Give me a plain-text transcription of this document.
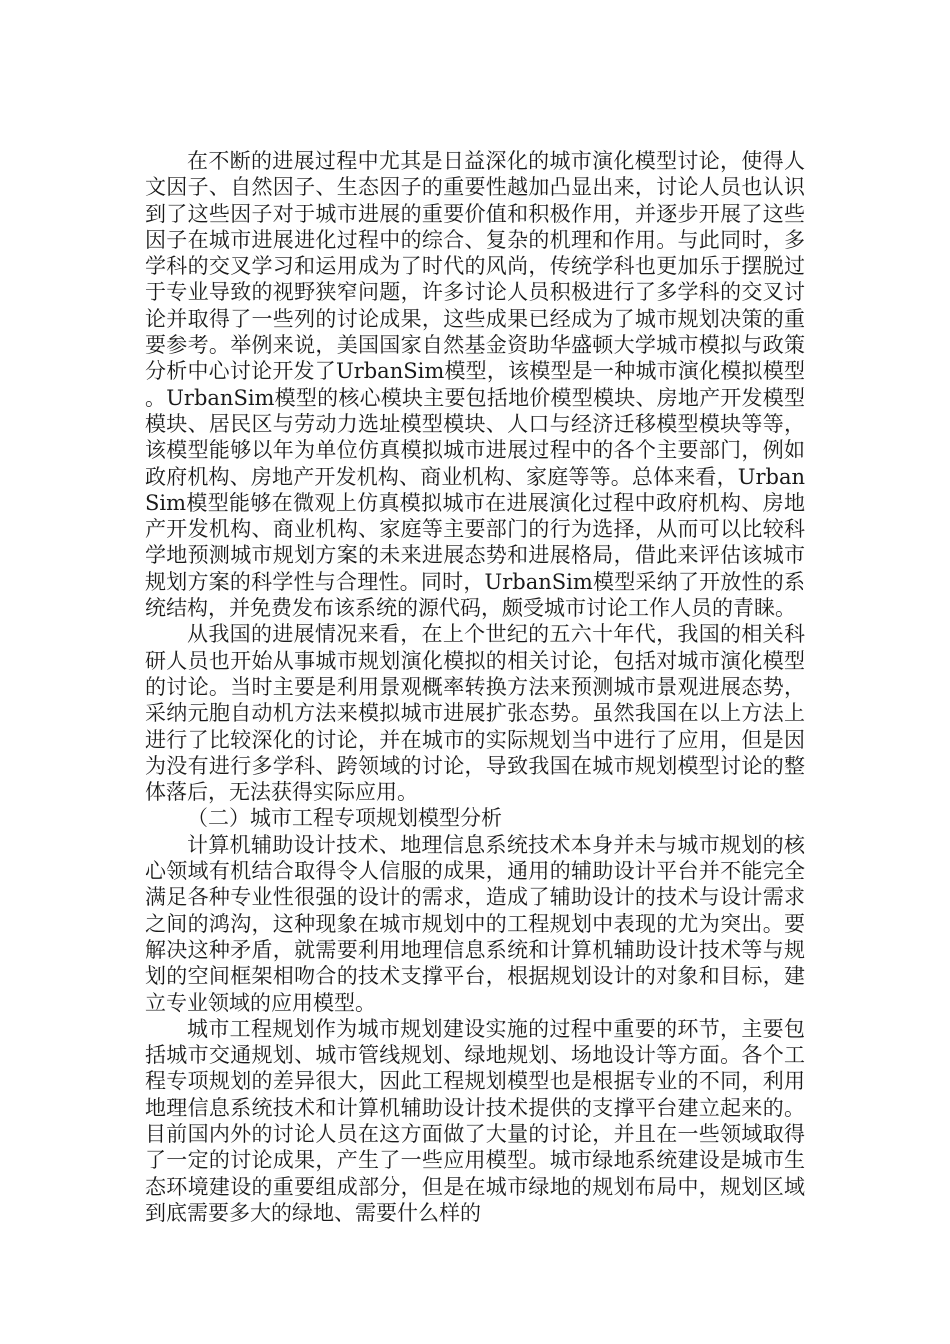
在不断的进展过程中尤其是日益深化的城市演化模型讨论，使得人文因子、自然因子、生态因子的重要性越加凸显出来，讨论人员也认识到了这些因子对于城市进展的重要价值和积极作用，并逐步开展了这些因子在城市进展进化过程中的综合、复杂的机理和作用。与此同时，多学科的交叉学习和运用成为了时代的风尚，传统学科也更加乐于摆脱过于专业导致的视野狭窄问题，许多讨论人员积极进行了多学科的交叉讨论并取得了一些列的讨论成果，这些成果已经成为了城市规划决策的重要参考。举例来说，美国国家自然基金资助华盛顿大学城市模拟与政策分析中心讨论开发了UrbanSim模型，该模型是一种城市演化模拟模型。UrbanSim模型的核心模块主要包括地价模型模块、房地产开发模型模块、居民区与劳动力选址模型模块、人口与经济迁移模型模块等等，该模型能够以年为单位仿真模拟城市进展过程中的各个主要部门，例如政府机构、房地产开发机构、商业机构、家庭等等。总体来看，UrbanSim模型能够在微观上仿真模拟城市在进展演化过程中政府机构、房地产开发机构、商业机构、家庭等主要部门的行为选择，从而可以比较科学地预测城市规划方案的未来进展态势和进展格局，借此来评估该城市规划方案的科学性与合理性。同时，UrbanSim模型采纳了开放性的系统结构，并免费发布该系统的源代码，颇受城市讨论工作人员的青睐。

从我国的进展情况来看，在上个世纪的五六十年代，我国的相关科研人员也开始从事城市规划演化模拟的相关讨论，包括对城市演化模型的讨论。当时主要是利用景观概率转换方法来预测城市景观进展态势，采纳元胞自动机方法来模拟城市进展扩张态势。虽然我国在以上方法上进行了比较深化的讨论，并在城市的实际规划当中进行了应用，但是因为没有进行多学科、跨领域的讨论，导致我国在城市规划模型讨论的整体落后，无法获得实际应用。

（二）城市工程专项规划模型分析

计算机辅助设计技术、地理信息系统技术本身并未与城市规划的核心领域有机结合取得令人信服的成果，通用的辅助设计平台并不能完全满足各种专业性很强的设计的需求，造成了辅助设计的技术与设计需求之间的鸿沟，这种现象在城市规划中的工程规划中表现的尤为突出。要解决这种矛盾，就需要利用地理信息系统和计算机辅助设计技术等与规划的空间框架相吻合的技术支撑平台，根据规划设计的对象和目标，建立专业领域的应用模型。

城市工程规划作为城市规划建设实施的过程中重要的环节，主要包括城市交通规划、城市管线规划、绿地规划、场地设计等方面。各个工程专项规划的差异很大，因此工程规划模型也是根据专业的不同，利用地理信息系统技术和计算机辅助设计技术提供的支撑平台建立起来的。目前国内外的讨论人员在这方面做了大量的讨论，并且在一些领域取得了一定的讨论成果，产生了一些应用模型。城市绿地系统建设是城市生态环境建设的重要组成部分，但是在城市绿地的规划布局中，规划区域到底需要多大的绿地、需要什么样的
